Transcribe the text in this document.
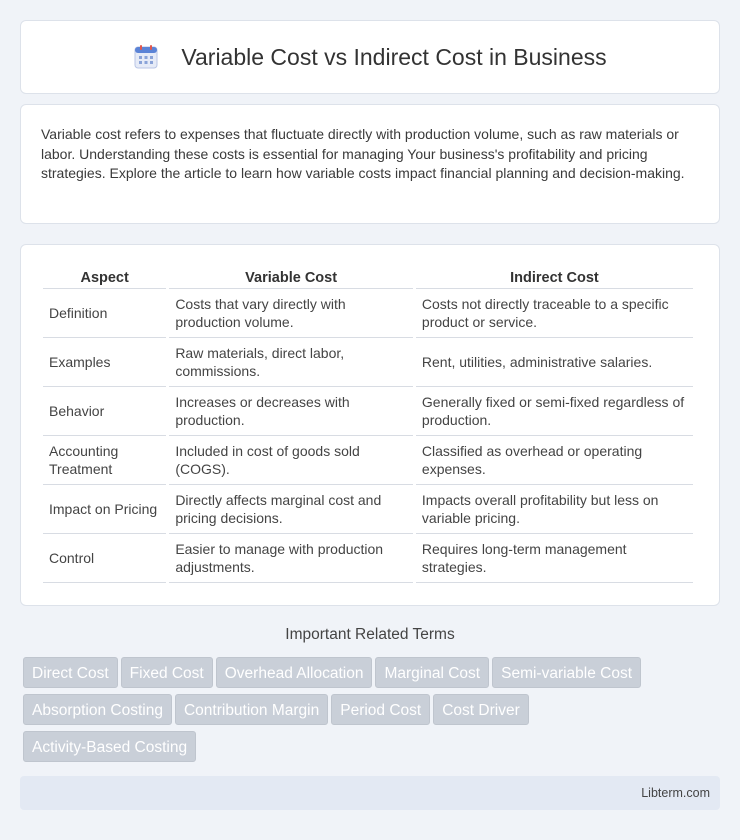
Variable Cost vs Indirect Cost in Business

Variable cost refers to expenses that fluctuate directly with production volume, such as raw materials or labor. Understanding these costs is essential for managing Your business's profitability and pricing strategies. Explore the article to learn how variable costs impact financial planning and decision-making.

Aspect	Variable Cost	Indirect Cost
Definition	Costs that vary directly with production volume.	Costs not directly traceable to a specific product or service.
Examples	Raw materials, direct labor, commissions.	Rent, utilities, administrative salaries.
Behavior	Increases or decreases with production.	Generally fixed or semi-fixed regardless of production.
Accounting Treatment	Included in cost of goods sold (COGS).	Classified as overhead or operating expenses.
Impact on Pricing	Directly affects marginal cost and pricing decisions.	Impacts overall profitability but less on variable pricing.
Control	Easier to manage with production adjustments.	Requires long-term management strategies.
Important Related Terms
Direct Cost Fixed Cost Overhead Allocation Marginal Cost Semi-variable Cost
Absorption Costing Contribution Margin Period Cost Cost Driver
Activity-Based Costing
Libterm.com
